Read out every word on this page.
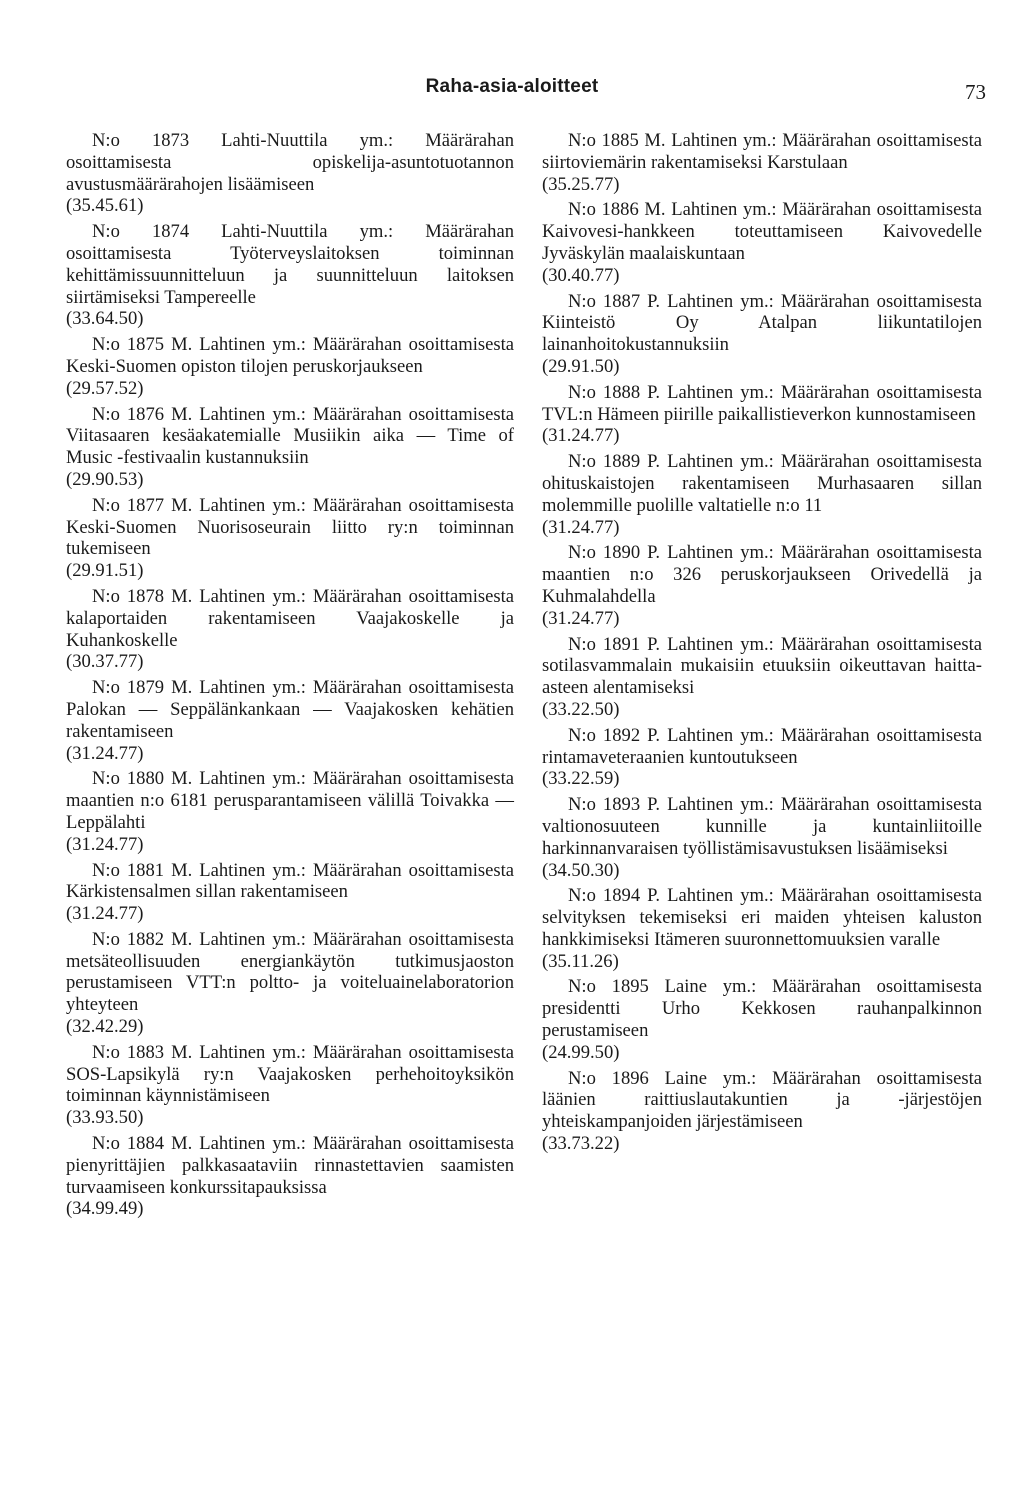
Raha-asia-aloitteet	73

N:o 1873 Lahti-Nuuttila ym.: Määrärahan osoittamisesta opiskelija-asuntotuotannon avustusmäärärahojen lisäämiseen

(35.45.61)

N:o 1874 Lahti-Nuuttila ym.: Määrärahan osoittamisesta Työterveyslaitoksen toiminnan kehittämissuunnitteluun ja suunnitteluun laitoksen siirtämiseksi Tampereelle

(33.64.50)

N:o 1875 M. Lahtinen ym.: Määrärahan osoittamisesta Keski-Suomen opiston tilojen peruskorjaukseen

(29.57.52)

N:o 1876 M. Lahtinen ym.: Määrärahan osoittamisesta Viitasaaren kesäakatemialle Musiikin aika — Time of Music -festivaalin kustannuksiin

(29.90.53)

N:o 1877 M. Lahtinen ym.: Määrärahan osoittamisesta Keski-Suomen Nuorisoseurain liitto ry:n toiminnan tukemiseen

(29.91.51)

N:o 1878 M. Lahtinen ym.: Määrärahan osoittamisesta kalaportaiden rakentamiseen Vaajakoskelle ja Kuhankoskelle

(30.37.77)

N:o 1879 M. Lahtinen ym.: Määrärahan osoittamisesta Palokan — Seppälänkankaan — Vaajakosken kehätien rakentamiseen

(31.24.77)

N:o 1880 M. Lahtinen ym.: Määrärahan osoittamisesta maantien n:o 6181 perusparantamiseen välillä Toivakka — Leppälahti

(31.24.77)

N:o 1881 M. Lahtinen ym.: Määrärahan osoittamisesta Kärkistensalmen sillan rakentamiseen

(31.24.77)

N:o 1882 M. Lahtinen ym.: Määrärahan osoittamisesta metsäteollisuuden energiankäytön tutkimusjaoston perustamiseen VTT:n poltto- ja voiteluainelaboratorion yhteyteen

(32.42.29)

N:o 1883 M. Lahtinen ym.: Määrärahan osoittamisesta SOS-Lapsikylä ry:n Vaajakosken perhehoitoyksikön toiminnan käynnistämiseen

(33.93.50)

N:o 1884 M. Lahtinen ym.: Määrärahan osoittamisesta pienyrittäjien palkkasaataviin rinnastettavien saamisten turvaamiseen konkurssitapauksissa

(34.99.49)

N:o 1885 M. Lahtinen ym.: Määrärahan osoittamisesta siirtoviemärin rakentamiseksi Karstulaan

(35.25.77)

N:o 1886 M. Lahtinen ym.: Määrärahan osoittamisesta Kaivovesi-hankkeen toteuttamiseen Kaivovedelle Jyväskylän maalaiskuntaan

(30.40.77)

N:o 1887 P. Lahtinen ym.: Määrärahan osoittamisesta Kiinteistö Oy Atalpan liikuntatilojen lainanhoitokustannuksiin

(29.91.50)

N:o 1888 P. Lahtinen ym.: Määrärahan osoittamisesta TVL:n Hämeen piirille paikallistieverkon kunnostamiseen

(31.24.77)

N:o 1889 P. Lahtinen ym.: Määrärahan osoittamisesta ohituskaistojen rakentamiseen Murhasaaren sillan molemmille puolille valtatielle n:o 11

(31.24.77)

N:o 1890 P. Lahtinen ym.: Määrärahan osoittamisesta maantien n:o 326 peruskorjaukseen Orivedellä ja Kuhmalahdella

(31.24.77)

N:o 1891 P. Lahtinen ym.: Määrärahan osoittamisesta sotilasvammalain mukaisiin etuuksiin oikeuttavan haitta-asteen alentamiseksi

(33.22.50)

N:o 1892 P. Lahtinen ym.: Määrärahan osoittamisesta rintamaveteraanien kuntoutukseen

(33.22.59)

N:o 1893 P. Lahtinen ym.: Määrärahan osoittamisesta valtionosuuteen kunnille ja kuntainliitoille harkinnanvaraisen työllistämisavustuksen lisäämiseksi

(34.50.30)

N:o 1894 P. Lahtinen ym.: Määrärahan osoittamisesta selvityksen tekemiseksi eri maiden yhteisen kaluston hankkimiseksi Itämeren suuronnettomuuksien varalle

(35.11.26)

N:o 1895 Laine ym.: Määrärahan osoittamisesta presidentti Urho Kekkosen rauhanpalkinnon perustamiseen

(24.99.50)

N:o 1896 Laine ym.: Määrärahan osoittamisesta läänien raittiuslautakuntien ja -järjestöjen yhteiskampanjoiden järjestämiseen

(33.73.22)
